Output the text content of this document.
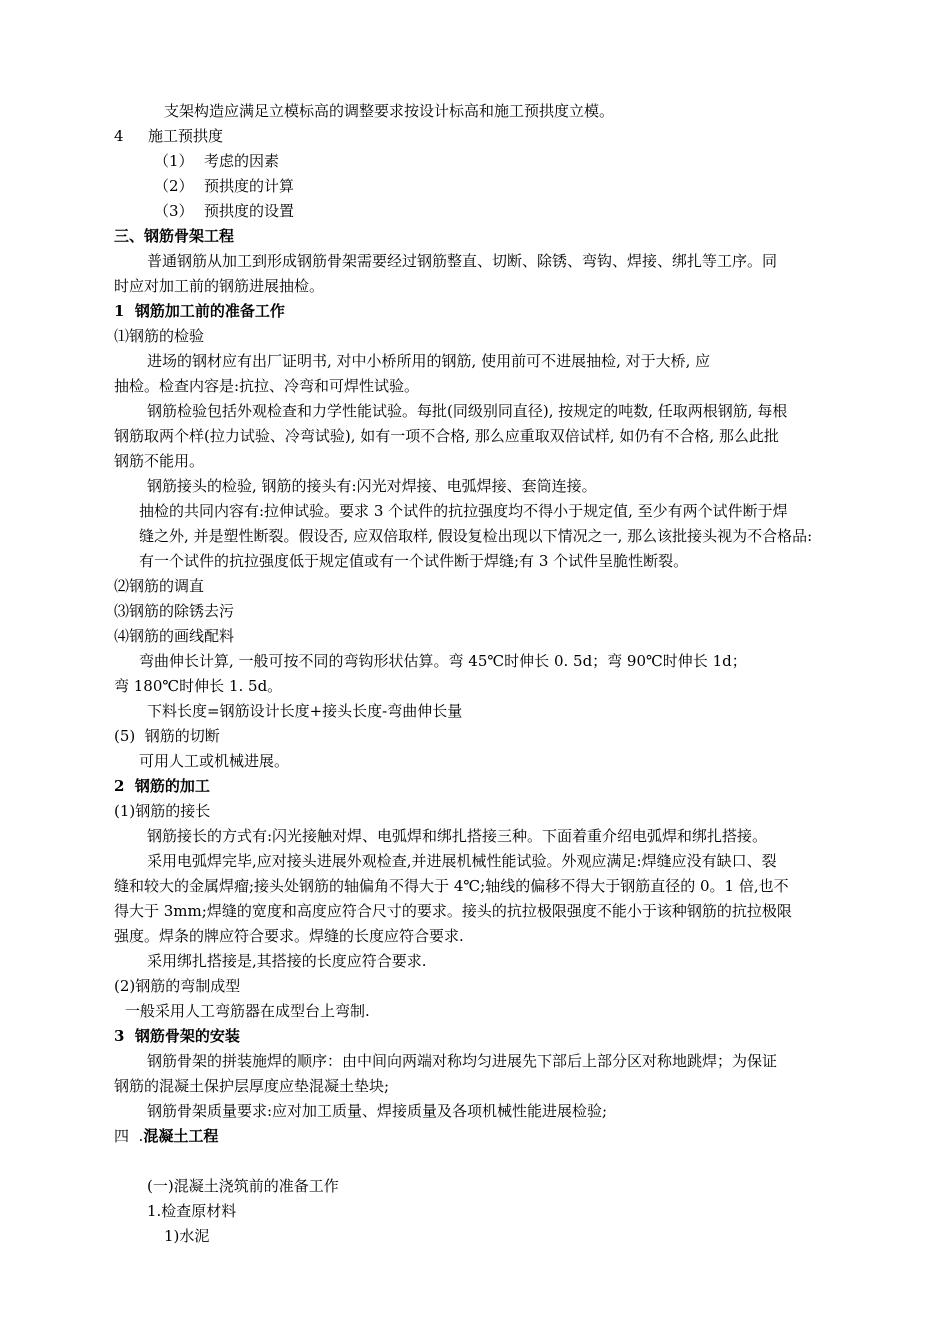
支架构造应满足立模标高的调整要求按设计标高和施工预拱度立模。
4 施工预拱度
（1） 考虑的因素
（2） 预拱度的计算
（3） 预拱度的设置
三、钢筋骨架工程
普通钢筋从加工到形成钢筋骨架需要经过钢筋整直、切断、除锈、弯钩、焊接、绑扎等工序。同
时应对加工前的钢筋进展抽检。
1  钢筋加工前的准备工作
⑴钢筋的检验
进场的钢材应有出厂证明书, 对中小桥所用的钢筋, 使用前可不进展抽检, 对于大桥, 应
抽检。检查内容是:抗拉、冷弯和可焊性试验。
钢筋检验包括外观检查和力学性能试验。每批(同级别同直径), 按规定的吨数, 任取两根钢筋, 每根
钢筋取两个样(拉力试验、冷弯试验), 如有一项不合格, 那么应重取双倍试样, 如仍有不合格, 那么此批
钢筋不能用。
钢筋接头的检验, 钢筋的接头有:闪光对焊接、电弧焊接、套筒连接。
抽检的共同内容有:拉伸试验。要求 3 个试件的抗拉强度均不得小于规定值, 至少有两个试件断于焊
缝之外, 并是塑性断裂。假设否, 应双倍取样, 假设复检出现以下情况之一, 那么该批接头视为不合格品:
有一个试件的抗拉强度低于规定值或有一个试件断于焊缝;有 3 个试件呈脆性断裂。
⑵钢筋的调直
⑶钢筋的除锈去污
⑷钢筋的画线配料
弯曲伸长计算, 一般可按不同的弯钩形状估算。弯 45℃时伸长 0. 5d；弯 90℃时伸长 1d；
弯 180℃时伸长 1. 5d。
下料长度=钢筋设计长度+接头长度-弯曲伸长量
(5)  钢筋的切断
可用人工或机械进展。
2  钢筋的加工
(1)钢筋的接长
钢筋接长的方式有:闪光接触对焊、电弧焊和绑扎搭接三种。下面着重介绍电弧焊和绑扎搭接。
采用电弧焊完毕,应对接头进展外观检查,并进展机械性能试验。外观应满足:焊缝应没有缺口、裂
缝和较大的金属焊瘤;接头处钢筋的轴偏角不得大于 4℃;轴线的偏移不得大于钢筋直径的 0。1 倍,也不
得大于 3mm;焊缝的宽度和高度应符合尺寸的要求。接头的抗拉极限强度不能小于该种钢筋的抗拉极限
强度。焊条的牌应符合要求。焊缝的长度应符合要求.
采用绑扎搭接是,其搭接的长度应符合要求.
(2)钢筋的弯制成型
一般采用人工弯筋器在成型台上弯制.
3  钢筋骨架的安装
钢筋骨架的拼装施焊的顺序：由中间向两端对称均匀进展先下部后上部分区对称地跳焊；为保证
钢筋的混凝土保护层厚度应垫混凝土垫块;
钢筋骨架质量要求:应对加工质量、焊接质量及各项机械性能进展检验;
四  .混凝土工程
(一)混凝土浇筑前的准备工作
1.检查原材料
1)水泥
